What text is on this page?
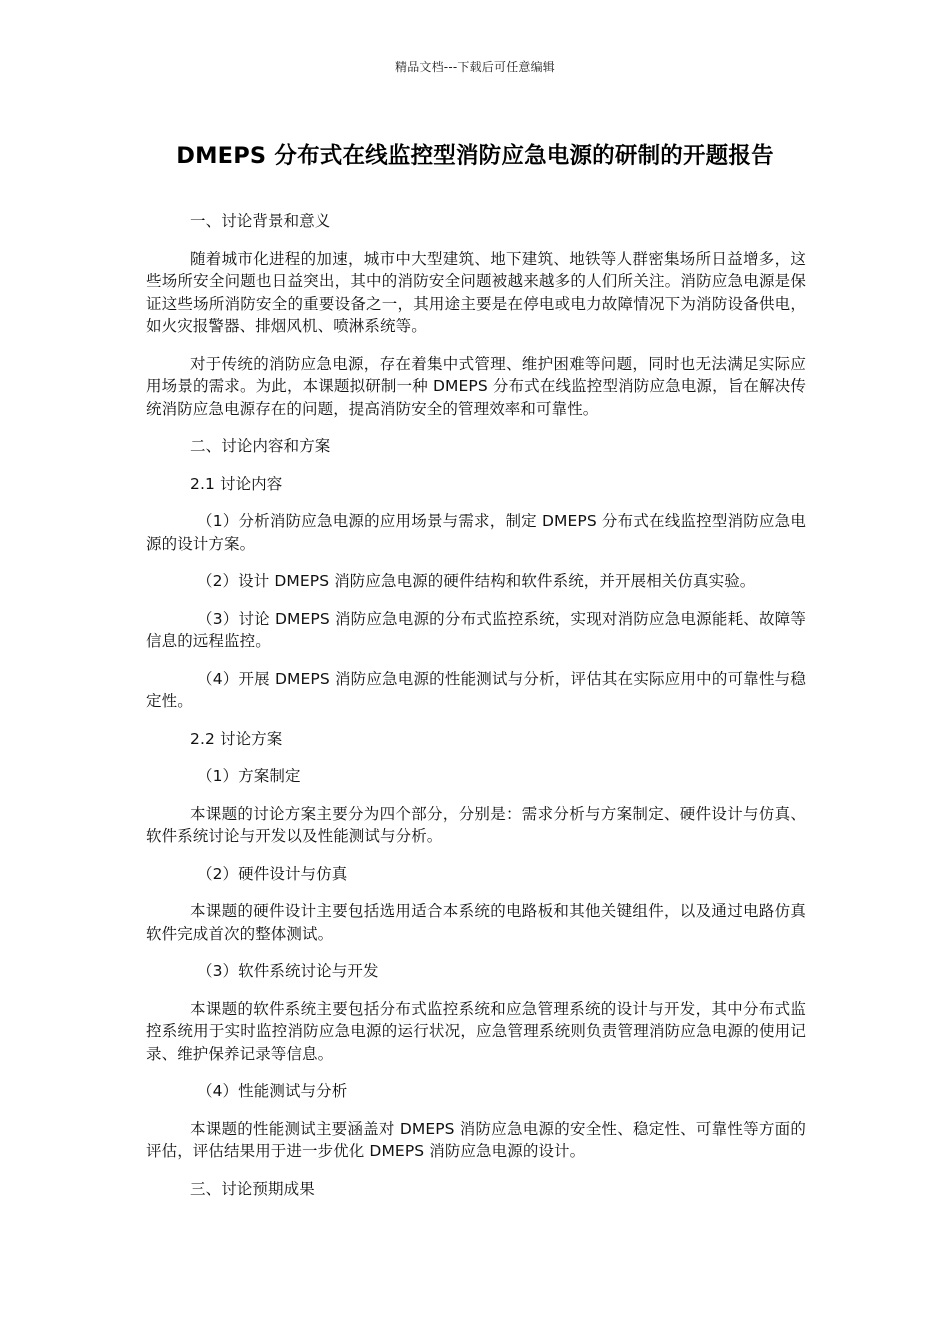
精品文档---下载后可任意编辑
DMEPS 分布式在线监控型消防应急电源的研制的开题报告

一、讨论背景和意义

随着城市化进程的加速，城市中大型建筑、地下建筑、地铁等人群密集场所日益增多，这些场所安全问题也日益突出，其中的消防安全问题被越来越多的人们所关注。消防应急电源是保证这些场所消防安全的重要设备之一，其用途主要是在停电或电力故障情况下为消防设备供电，如火灾报警器、排烟风机、喷淋系统等。

对于传统的消防应急电源，存在着集中式管理、维护困难等问题，同时也无法满足实际应用场景的需求。为此，本课题拟研制一种 DMEPS 分布式在线监控型消防应急电源，旨在解决传统消防应急电源存在的问题，提高消防安全的管理效率和可靠性。

二、讨论内容和方案

2.1 讨论内容

（1）分析消防应急电源的应用场景与需求，制定 DMEPS 分布式在线监控型消防应急电源的设计方案。

（2）设计 DMEPS 消防应急电源的硬件结构和软件系统，并开展相关仿真实验。

（3）讨论 DMEPS 消防应急电源的分布式监控系统，实现对消防应急电源能耗、故障等信息的远程监控。

（4）开展 DMEPS 消防应急电源的性能测试与分析，评估其在实际应用中的可靠性与稳定性。

2.2 讨论方案

（1）方案制定

本课题的讨论方案主要分为四个部分，分别是：需求分析与方案制定、硬件设计与仿真、软件系统讨论与开发以及性能测试与分析。

（2）硬件设计与仿真

本课题的硬件设计主要包括选用适合本系统的电路板和其他关键组件，以及通过电路仿真软件完成首次的整体测试。

（3）软件系统讨论与开发

本课题的软件系统主要包括分布式监控系统和应急管理系统的设计与开发，其中分布式监控系统用于实时监控消防应急电源的运行状况，应急管理系统则负责管理消防应急电源的使用记录、维护保养记录等信息。

（4）性能测试与分析

本课题的性能测试主要涵盖对 DMEPS 消防应急电源的安全性、稳定性、可靠性等方面的评估，评估结果用于进一步优化 DMEPS 消防应急电源的设计。

三、讨论预期成果
